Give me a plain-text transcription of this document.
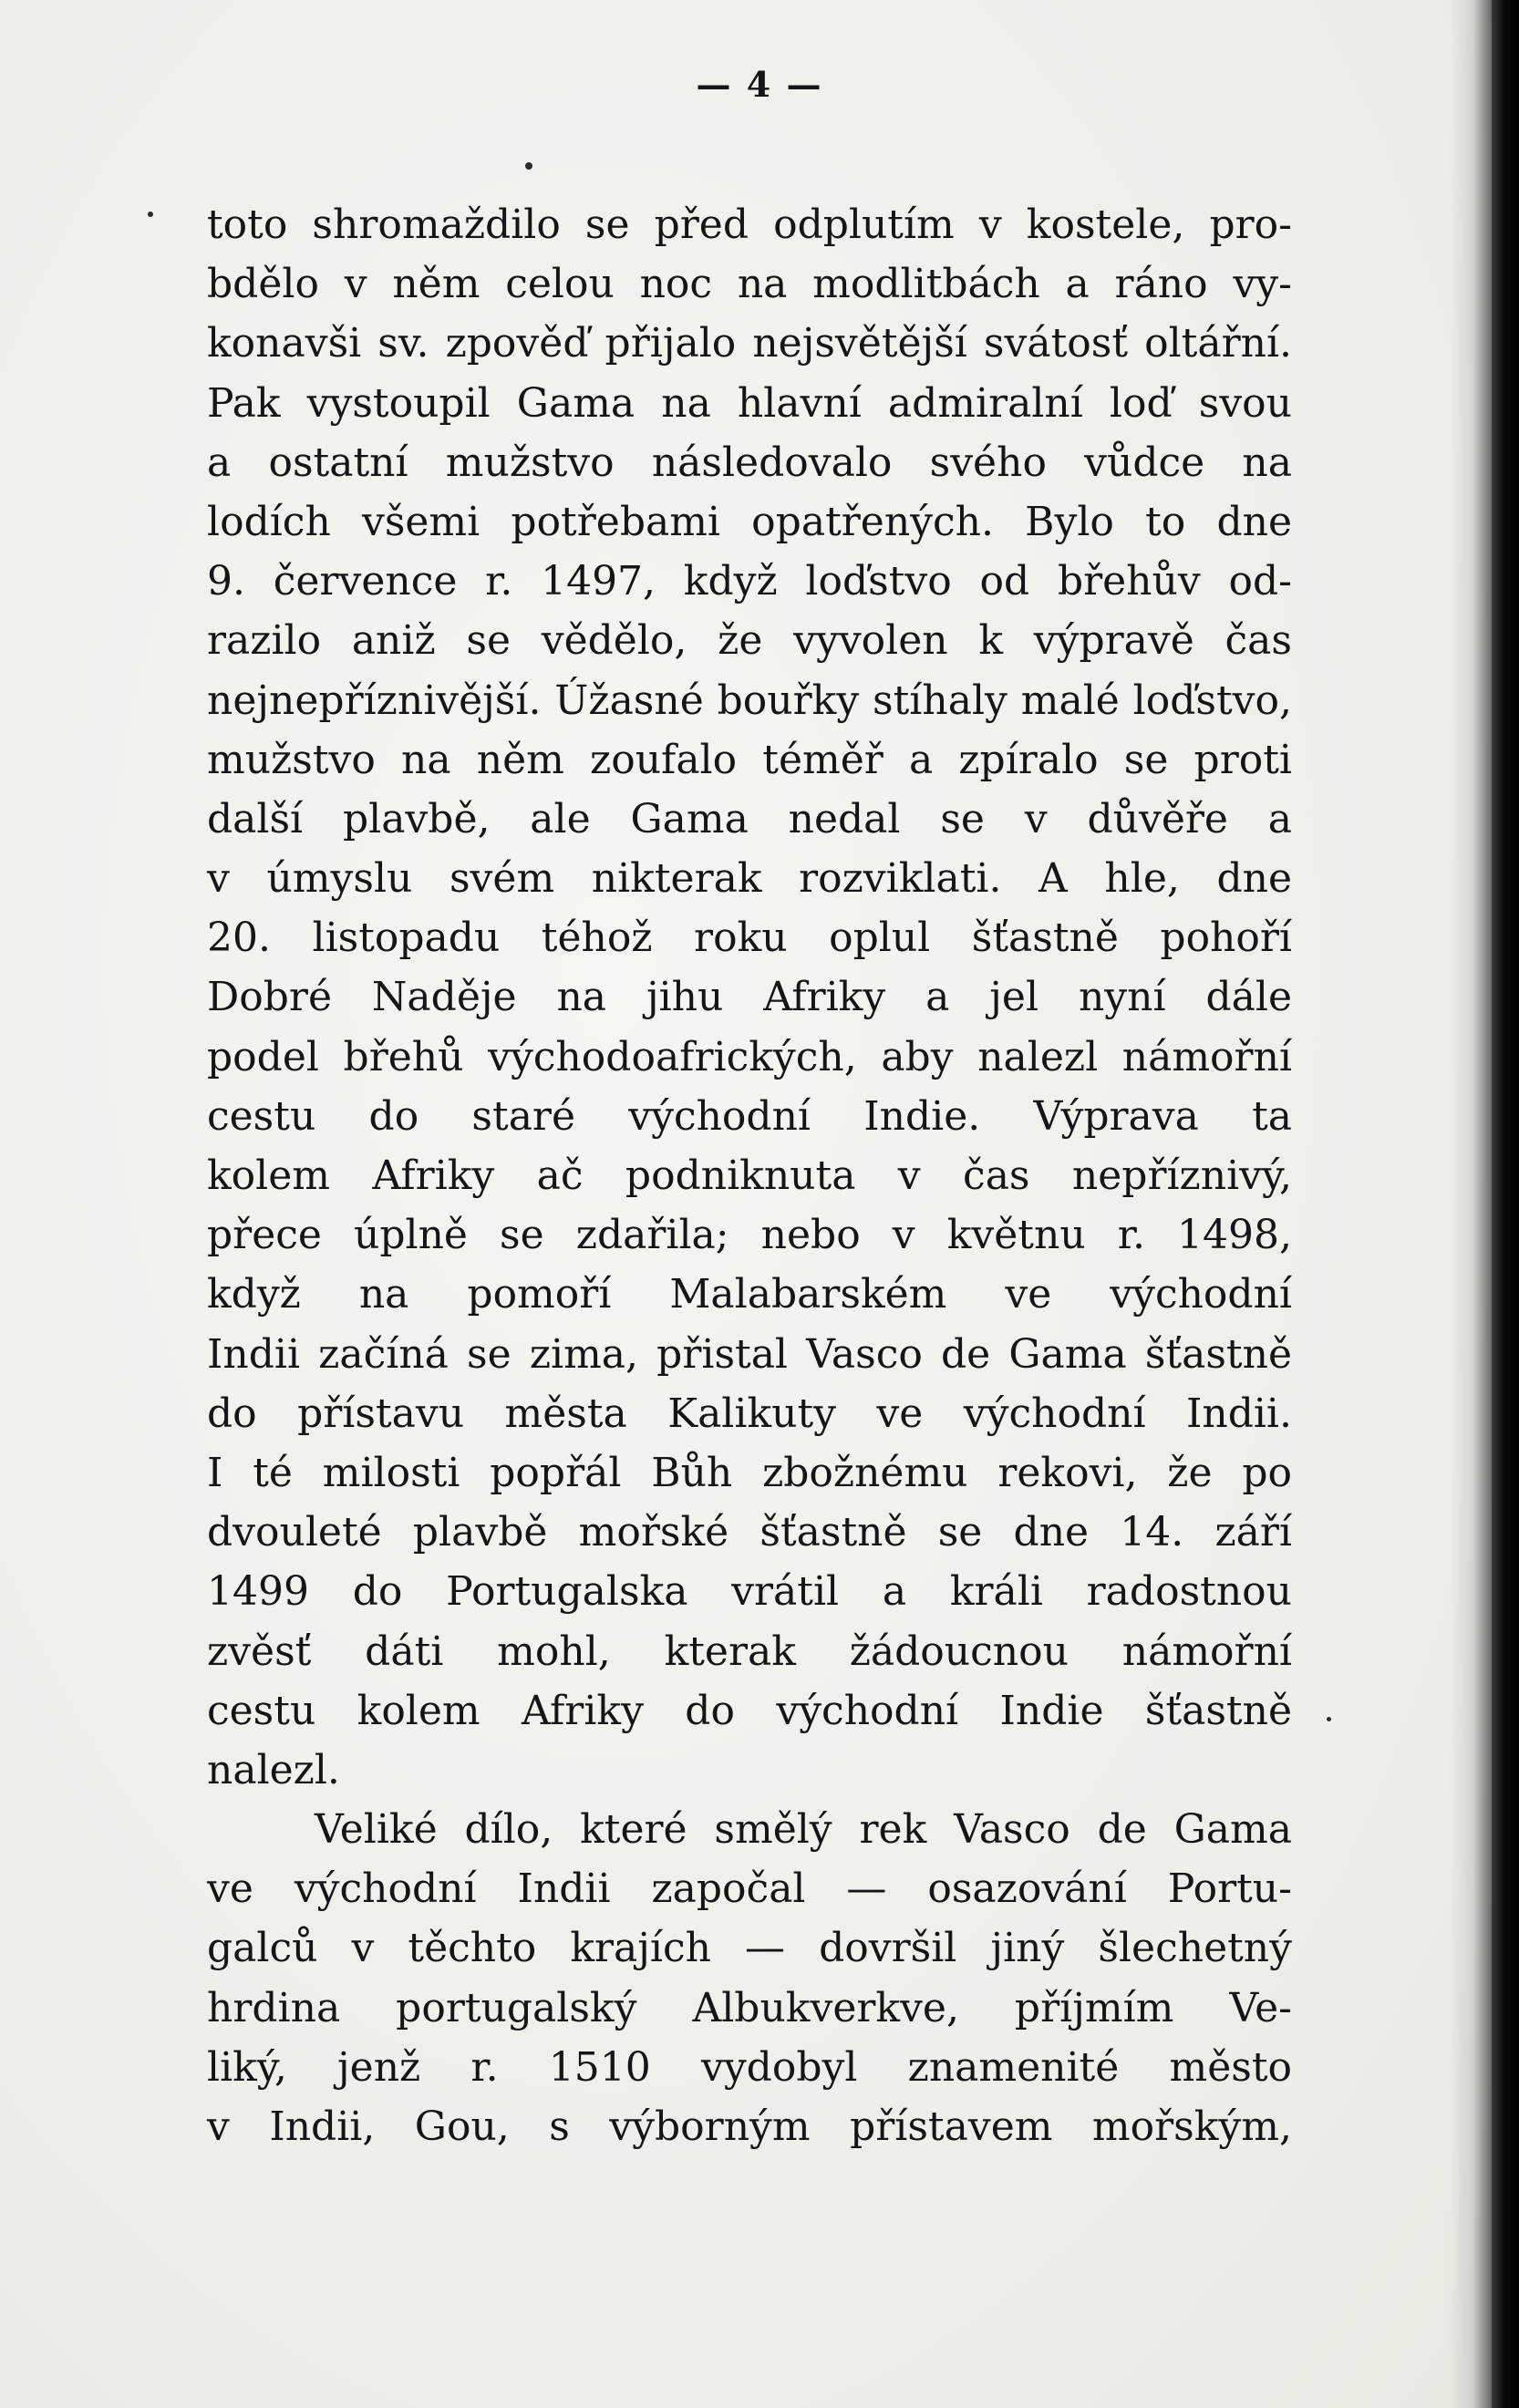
— 4 —
toto shromaždilo se před odplutím v kostele, pro-
bdělo v něm celou noc na modlitbách a ráno vy-
konavši sv. zpověď přijalo nejsvětější svátosť oltářní.
Pak vystoupil Gama na hlavní admiralní loď svou
a ostatní mužstvo následovalo svého vůdce na
lodích všemi potřebami opatřených. Bylo to dne
9. července r. 1497, když loďstvo od břehův od-
razilo aniž se vědělo, že vyvolen k výpravě čas
nejnepříznivější. Úžasné bouřky stíhaly malé loďstvo,
mužstvo na něm zoufalo téměř a zpíralo se proti
další plavbě, ale Gama nedal se v důvěře a
v úmyslu svém nikterak rozviklati. A hle, dne
20. listopadu téhož roku oplul šťastně pohoří
Dobré Naděje na jihu Afriky a jel nyní dále
podel břehů východoafrických, aby nalezl námořní
cestu do staré východní Indie. Výprava ta
kolem Afriky ač podniknuta v čas nepříznivý,
přece úplně se zdařila; nebo v květnu r. 1498,
když na pomoří Malabarském ve východní
Indii začíná se zima, přistal Vasco de Gama šťastně
do přístavu města Kalikuty ve východní Indii.
I té milosti popřál Bůh zbožnému rekovi, že po
dvouleté plavbě mořské šťastně se dne 14. září
1499 do Portugalska vrátil a králi radostnou
zvěsť dáti mohl, kterak žádoucnou námořní
cestu kolem Afriky do východní Indie šťastně
nalezl.
Veliké dílo, které smělý rek Vasco de Gama
ve východní Indii započal — osazování Portu-
galců v těchto krajích — dovršil jiný šlechetný
hrdina portugalský Albukverkve, příjmím Ve-
liký, jenž r. 1510 vydobyl znamenité město
v Indii, Gou, s výborným přístavem mořským,
